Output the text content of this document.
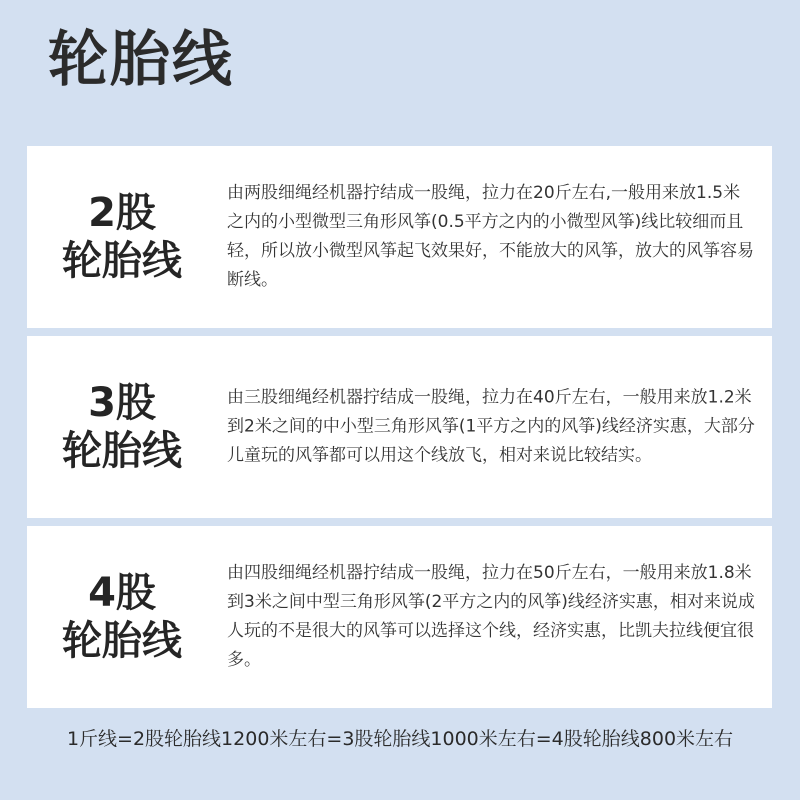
轮胎线
2股
轮胎线
由两股细绳经机器拧结成一股绳，拉力在20斤左右,一般用来放1.5米之内的小型微型三角形风筝(0.5平方之内的小微型风筝)线比较细而且轻，所以放小微型风筝起飞效果好，不能放大的风筝，放大的风筝容易断线。
3股
轮胎线
由三股细绳经机器拧结成一股绳，拉力在40斤左右，一般用来放1.2米到2米之间的中小型三角形风筝(1平方之内的风筝)线经济实惠，大部分儿童玩的风筝都可以用这个线放飞，相对来说比较结实。
4股
轮胎线
由四股细绳经机器拧结成一股绳，拉力在50斤左右，一般用来放1.8米到3米之间中型三角形风筝(2平方之内的风筝)线经济实惠，相对来说成人玩的不是很大的风筝可以选择这个线，经济实惠，比凯夫拉线便宜很多。
1斤线=2股轮胎线1200米左右=3股轮胎线1000米左右=4股轮胎线800米左右
